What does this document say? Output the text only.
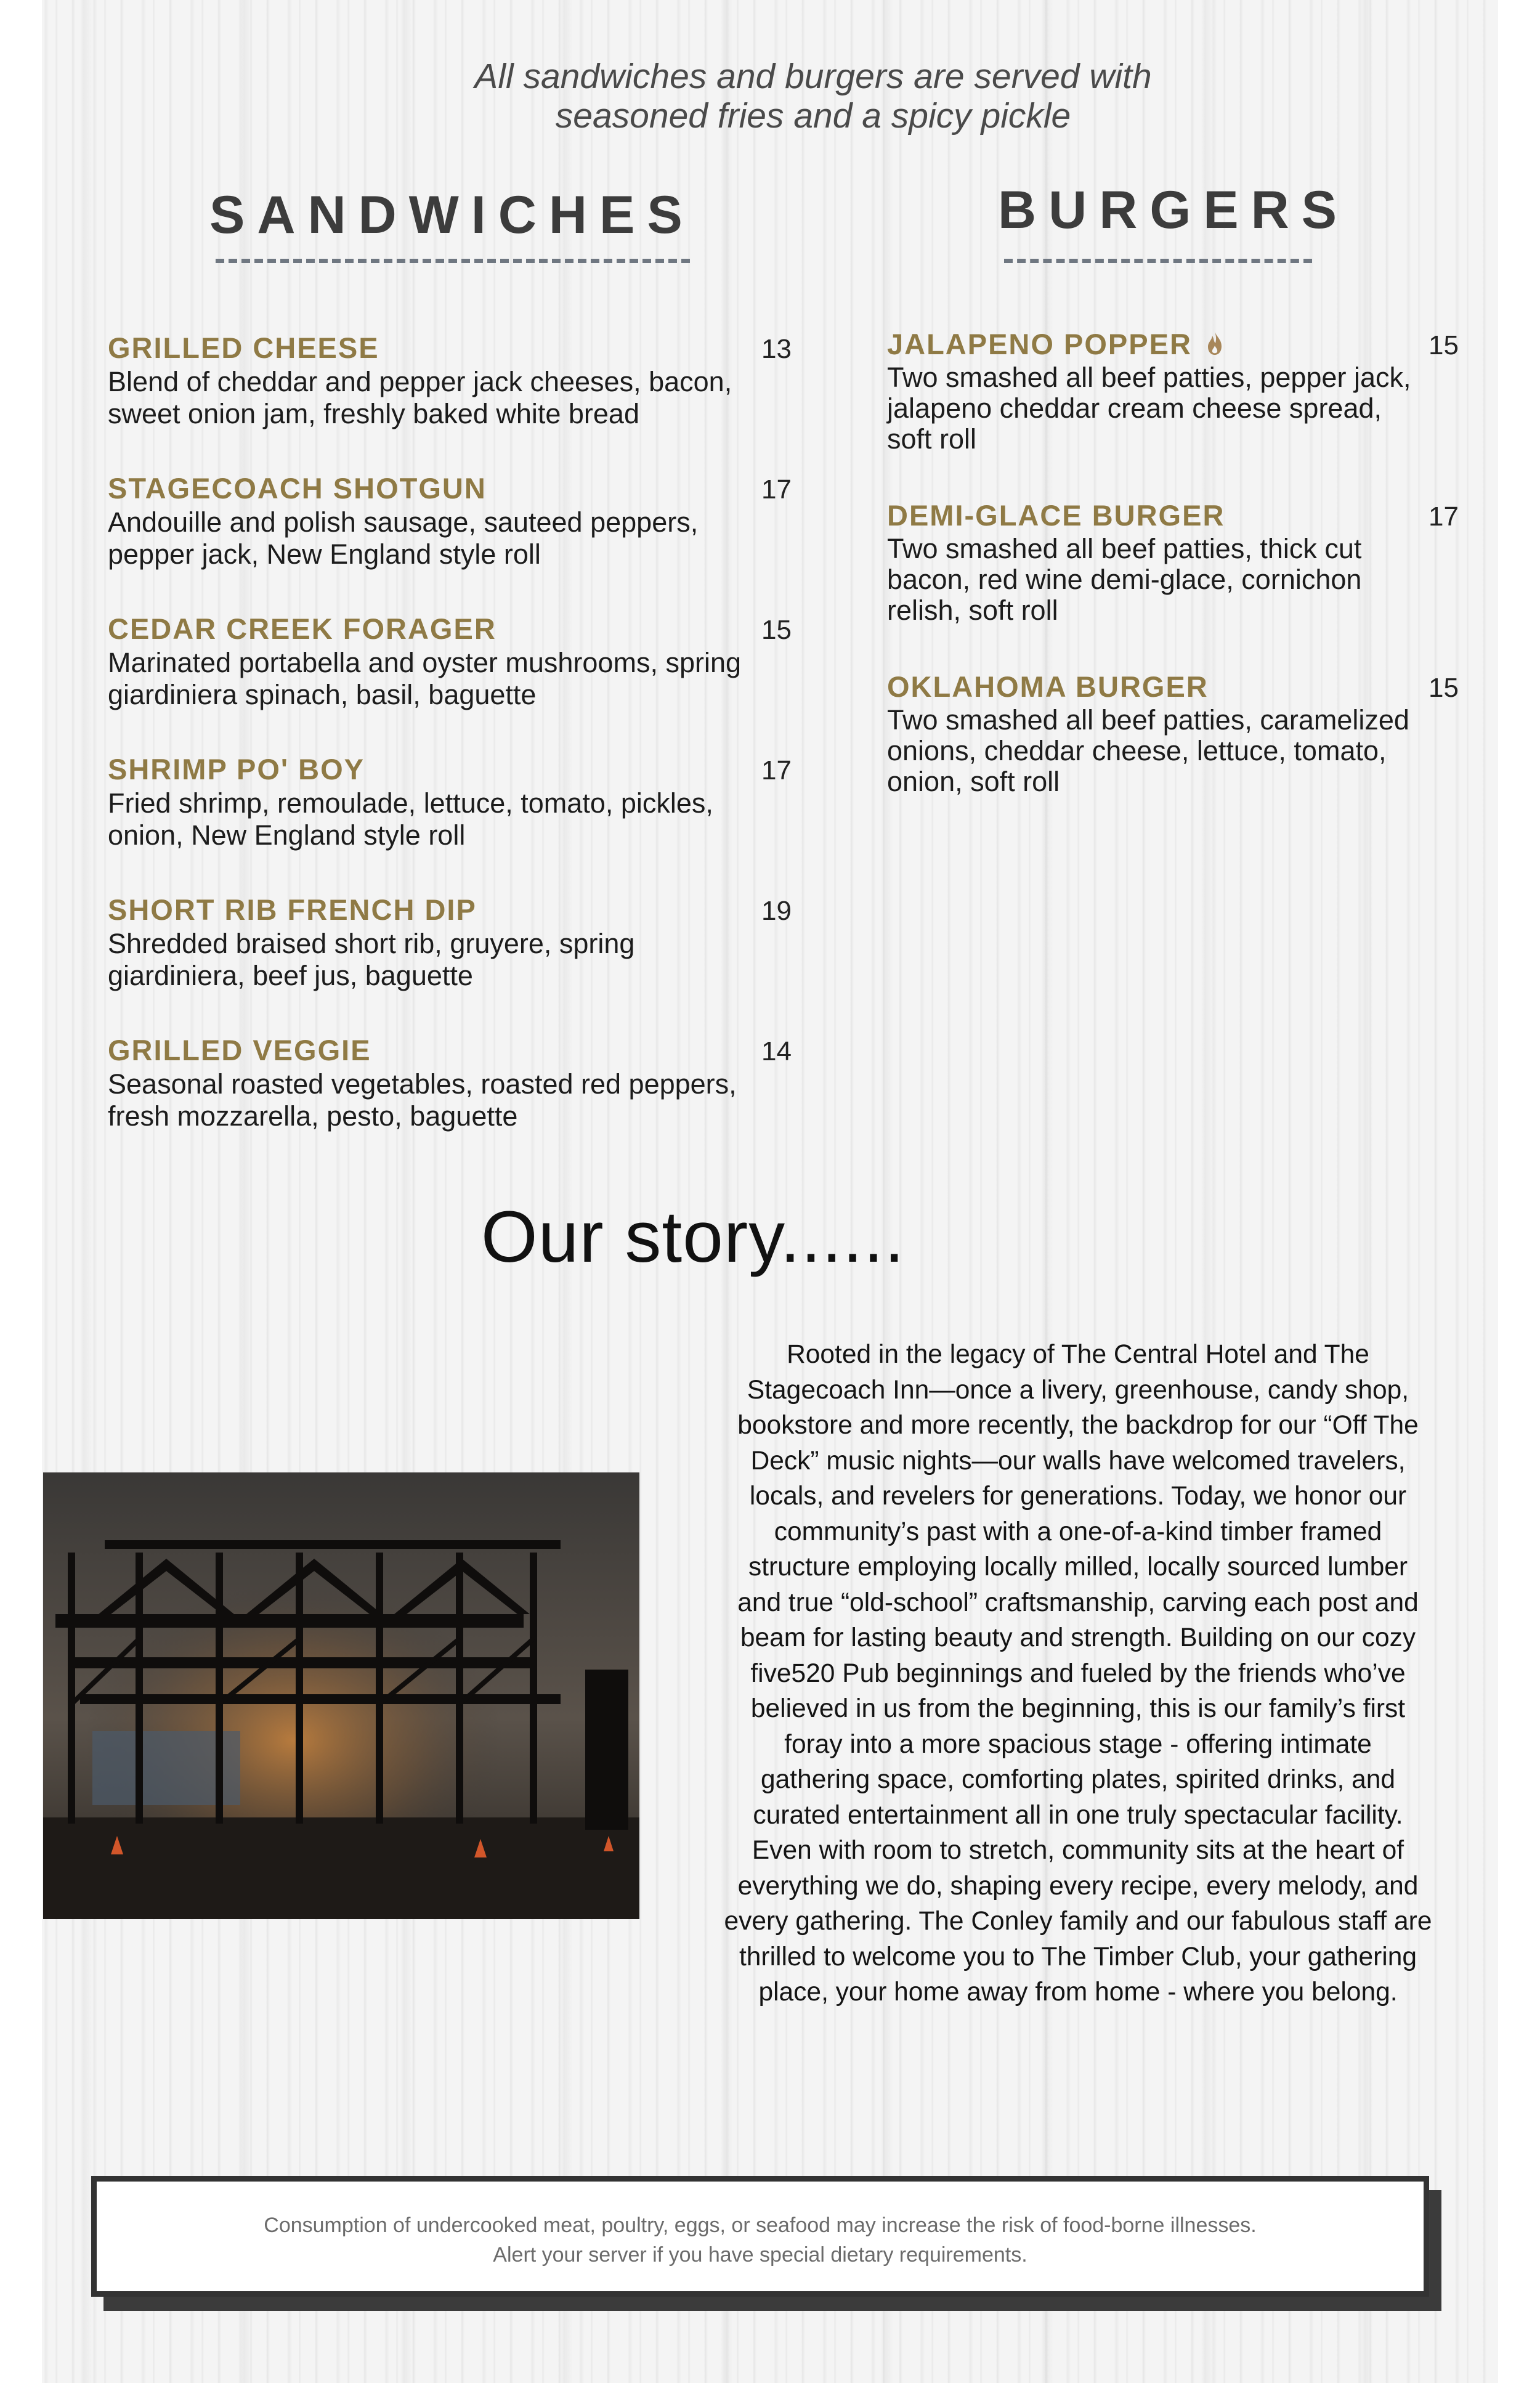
All sandwiches and burgers are served with
seasoned fries and a spicy pickle
SANDWICHES
GRILLED CHEESE	13
Blend of cheddar and pepper jack cheeses, bacon,
sweet onion jam, freshly baked white bread
STAGECOACH SHOTGUN	17
Andouille and polish sausage, sauteed peppers,
pepper jack, New England style roll
CEDAR CREEK FORAGER	15
Marinated portabella and oyster mushrooms, spring
giardiniera spinach, basil, baguette
SHRIMP PO' BOY	17
Fried shrimp, remoulade, lettuce, tomato, pickles,
onion, New England style roll
SHORT RIB FRENCH DIP	19
Shredded braised short rib, gruyere, spring
giardiniera, beef jus, baguette
GRILLED VEGGIE	14
Seasonal roasted vegetables, roasted red peppers,
fresh mozzarella, pesto, baguette
BURGERS
JALAPENO POPPER	15
Two smashed all beef patties, pepper jack,
jalapeno cheddar cream cheese spread,
soft roll
DEMI-GLACE BURGER	17
Two smashed all beef patties, thick cut
bacon, red wine demi-glace, cornichon
relish, soft roll
OKLAHOMA BURGER	15
Two smashed all beef patties, caramelized
onions, cheddar cheese, lettuce, tomato,
onion, soft roll
Our story......
Rooted in the legacy of The Central Hotel and The
Stagecoach Inn—once a livery, greenhouse, candy shop,
bookstore and more recently, the backdrop for our “Off The
Deck” music nights—our walls have welcomed travelers,
locals, and revelers for generations. Today, we honor our
community’s past with a one-of-a-kind timber framed
structure employing locally milled, locally sourced lumber
and true “old-school” craftsmanship, carving each post and
beam for lasting beauty and strength. Building on our cozy
five520 Pub beginnings and fueled by the friends who’ve
believed in us from the beginning, this is our family’s first
foray into a more spacious stage - offering intimate
gathering space, comforting plates, spirited drinks, and
curated entertainment all in one truly spectacular facility.
Even with room to stretch, community sits at the heart of
everything we do, shaping every recipe, every melody, and
every gathering. The Conley family and our fabulous staff are
thrilled to welcome you to The Timber Club, your gathering
place, your home away from home - where you belong.
Consumption of undercooked meat, poultry, eggs, or seafood may increase the risk of food-borne illnesses.
Alert your server if you have special dietary requirements.
